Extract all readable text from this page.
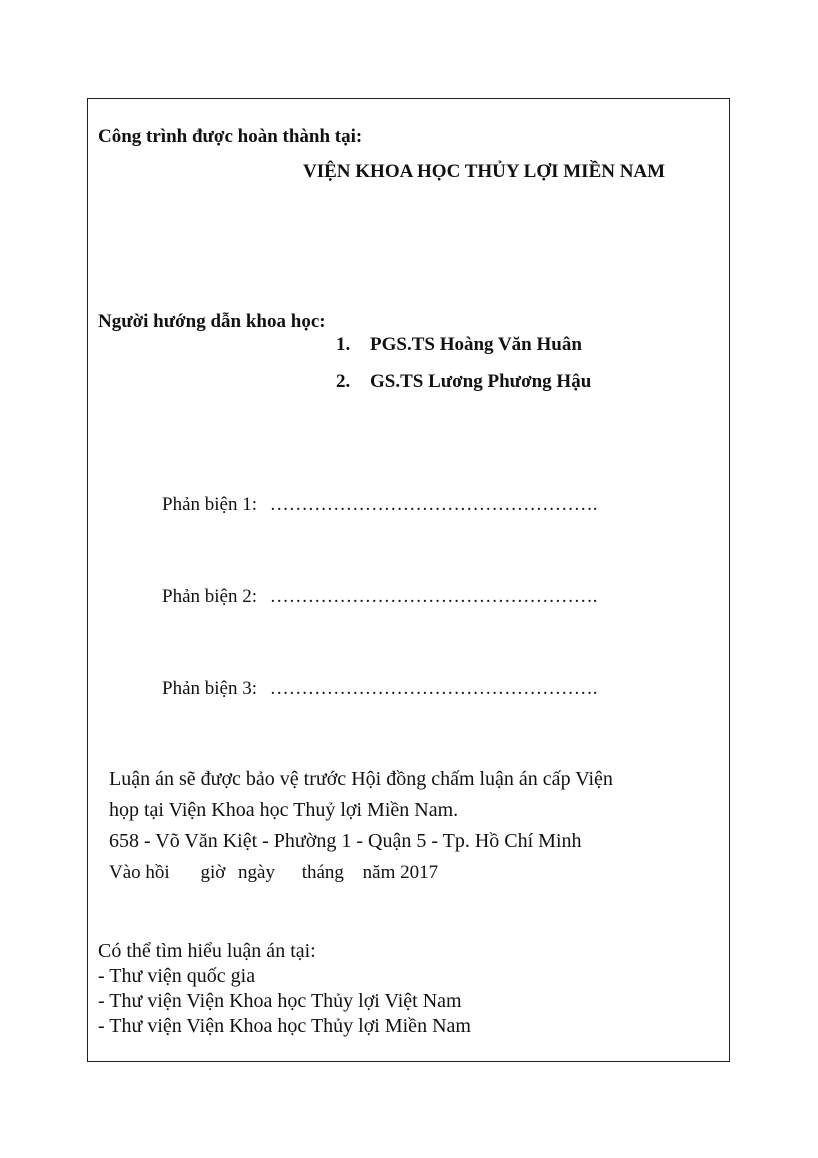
Công trình được hoàn thành tại:
VIỆN KHOA HỌC THỦY LỢI MIỀN NAM
Người hướng dẫn khoa học:
1. PGS.TS Hoàng Văn Huân
2. GS.TS Lương Phương Hậu
Phản biện 1: …………………………………………….
Phản biện 2: …………………………………………….
Phản biện 3: …………………………………………….
Luận án sẽ được bảo vệ trước Hội đồng chấm luận án cấp Viện
họp tại Viện Khoa học Thuỷ lợi Miền Nam.
658 - Võ Văn Kiệt - Phường 1 - Quận 5 - Tp. Hồ Chí Minh
Vào hồi giờ ngày tháng năm 2017
Có thể tìm hiểu luận án tại:
- Thư viện quốc gia
- Thư viện Viện Khoa học Thủy lợi Việt Nam
- Thư viện Viện Khoa học Thủy lợi Miền Nam
